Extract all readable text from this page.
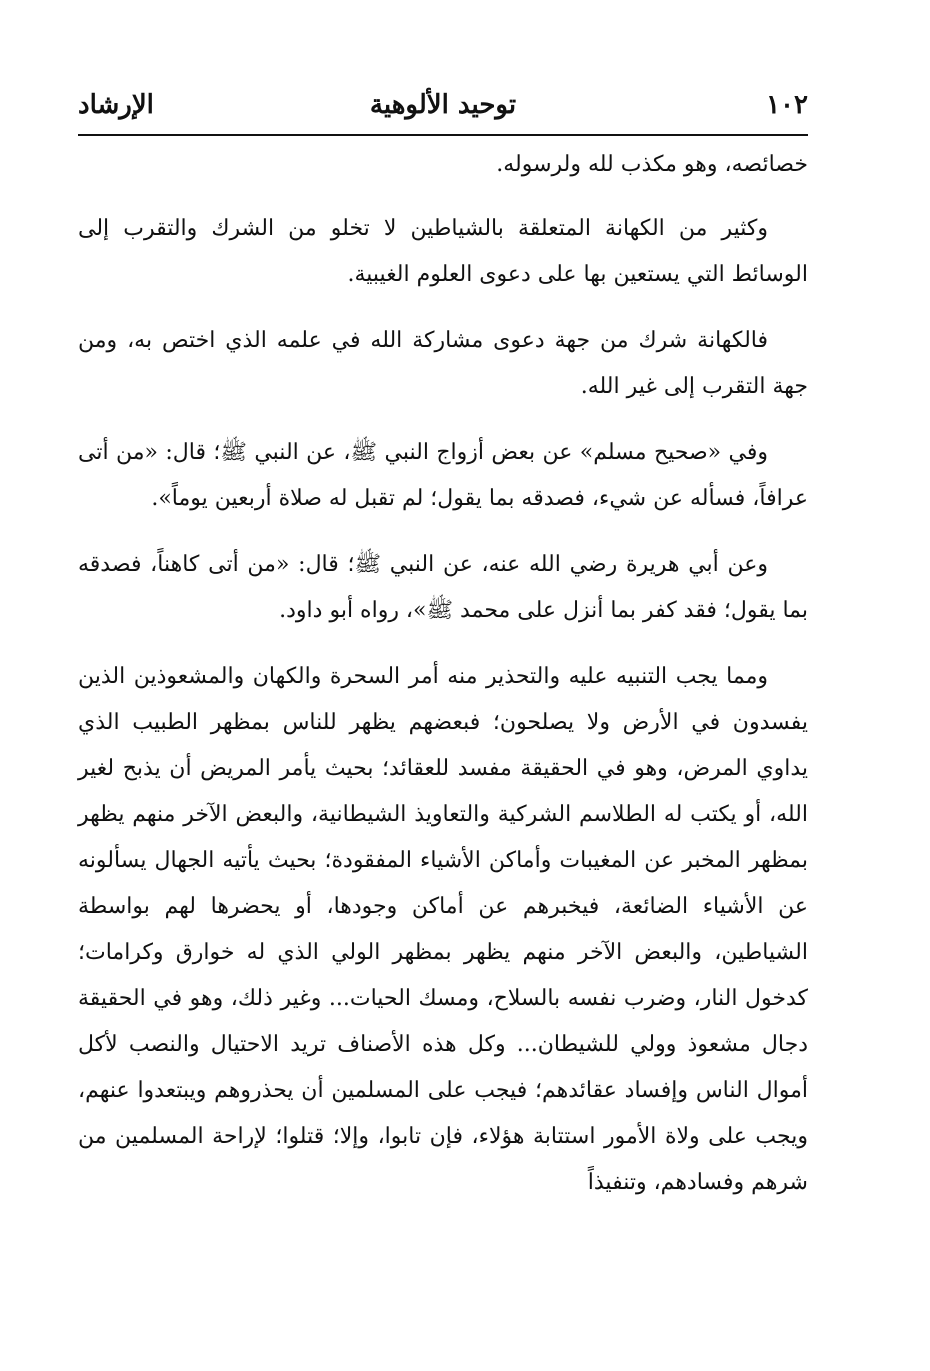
١٠٢
توحيد الألوهية
الإرشاد

خصائصه، وهو مكذب لله ولرسوله.

وكثير من الكهانة المتعلقة بالشياطين لا تخلو من الشرك والتقرب إلى الوسائط التي يستعين بها على دعوى العلوم الغيبية.

فالكهانة شرك من جهة دعوى مشاركة الله في علمه الذي اختص به، ومن جهة التقرب إلى غير الله.

وفي «صحيح مسلم» عن بعض أزواج النبي ﷺ، عن النبي ﷺ؛ قال: «من أتى عرافاً، فسأله عن شيء، فصدقه بما يقول؛ لم تقبل له صلاة أربعين يوماً».

وعن أبي هريرة رضي الله عنه، عن النبي ﷺ؛ قال: «من أتى كاهناً، فصدقه بما يقول؛ فقد كفر بما أنزل على محمد ﷺ»، رواه أبو داود.

ومما يجب التنبيه عليه والتحذير منه أمر السحرة والكهان والمشعوذين الذين يفسدون في الأرض ولا يصلحون؛ فبعضهم يظهر للناس بمظهر الطبيب الذي يداوي المرض، وهو في الحقيقة مفسد للعقائد؛ بحيث يأمر المريض أن يذبح لغير الله، أو يكتب له الطلاسم الشركية والتعاويذ الشيطانية، والبعض الآخر منهم يظهر بمظهر المخبر عن المغيبات وأماكن الأشياء المفقودة؛ بحيث يأتيه الجهال يسألونه عن الأشياء الضائعة، فيخبرهم عن أماكن وجودها، أو يحضرها لهم بواسطة الشياطين، والبعض الآخر منهم يظهر بمظهر الولي الذي له خوارق وكرامات؛ كدخول النار، وضرب نفسه بالسلاح، ومسك الحيات... وغير ذلك، وهو في الحقيقة دجال مشعوذ وولي للشيطان... وكل هذه الأصناف تريد الاحتيال والنصب لأكل أموال الناس وإفساد عقائدهم؛ فيجب على المسلمين أن يحذروهم ويبتعدوا عنهم، ويجب على ولاة الأمور استتابة هؤلاء، فإن تابوا، وإلا؛ قتلوا؛ لإراحة المسلمين من شرهم وفسادهم، وتنفيذاً
